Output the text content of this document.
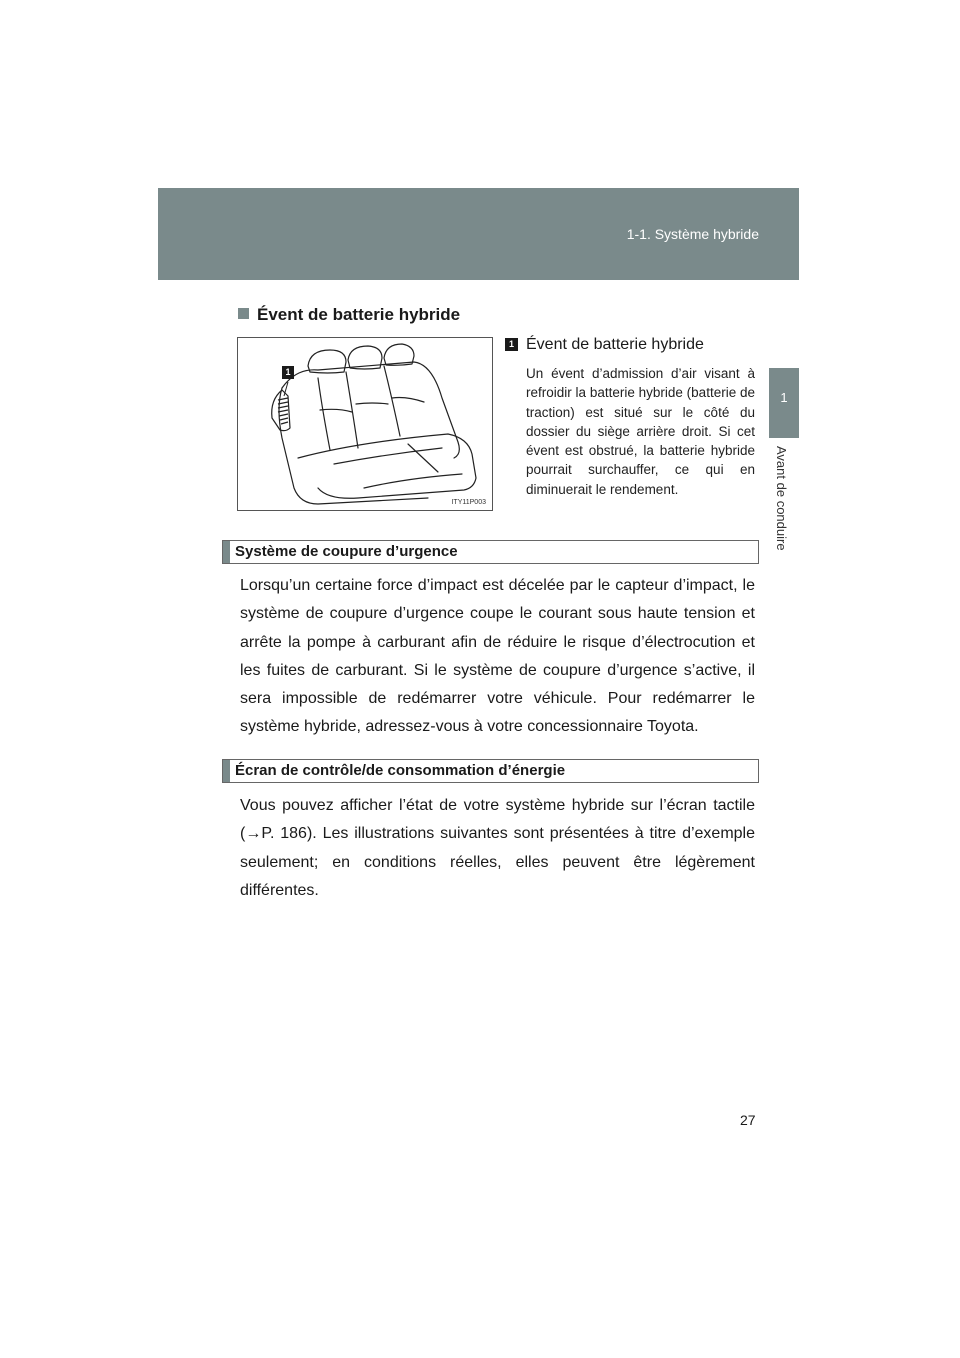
1-1. Système hybride
1
Avant de conduire
Évent de batterie hybride
1
ITY11P003
1 Évent de batterie hybride
Un évent d’admission d’air visant à refroidir la batterie hybride (batterie de traction) est situé sur le côté du dossier du siège arrière droit. Si cet évent est obstrué, la batterie hybride pourrait surchauffer, ce qui en diminuerait le rendement.
Système de coupure d’urgence
Lorsqu’un certaine force d’impact est décelée par le capteur d’impact, le système de coupure d’urgence coupe le courant sous haute tension et arrête la pompe à carburant afin de réduire le risque d’électrocution et les fuites de carburant. Si le système de coupure d’urgence s’active, il sera impossible de redémarrer votre véhicule. Pour redémarrer le système hybride, adressez-vous à votre concessionnaire Toyota.
Écran de contrôle/de consommation d’énergie
Vous pouvez afficher l’état de votre système hybride sur l’écran tactile (→P. 186). Les illustrations suivantes sont présentées à titre d’exemple seulement; en conditions réelles, elles peuvent être légèrement différentes.
27
